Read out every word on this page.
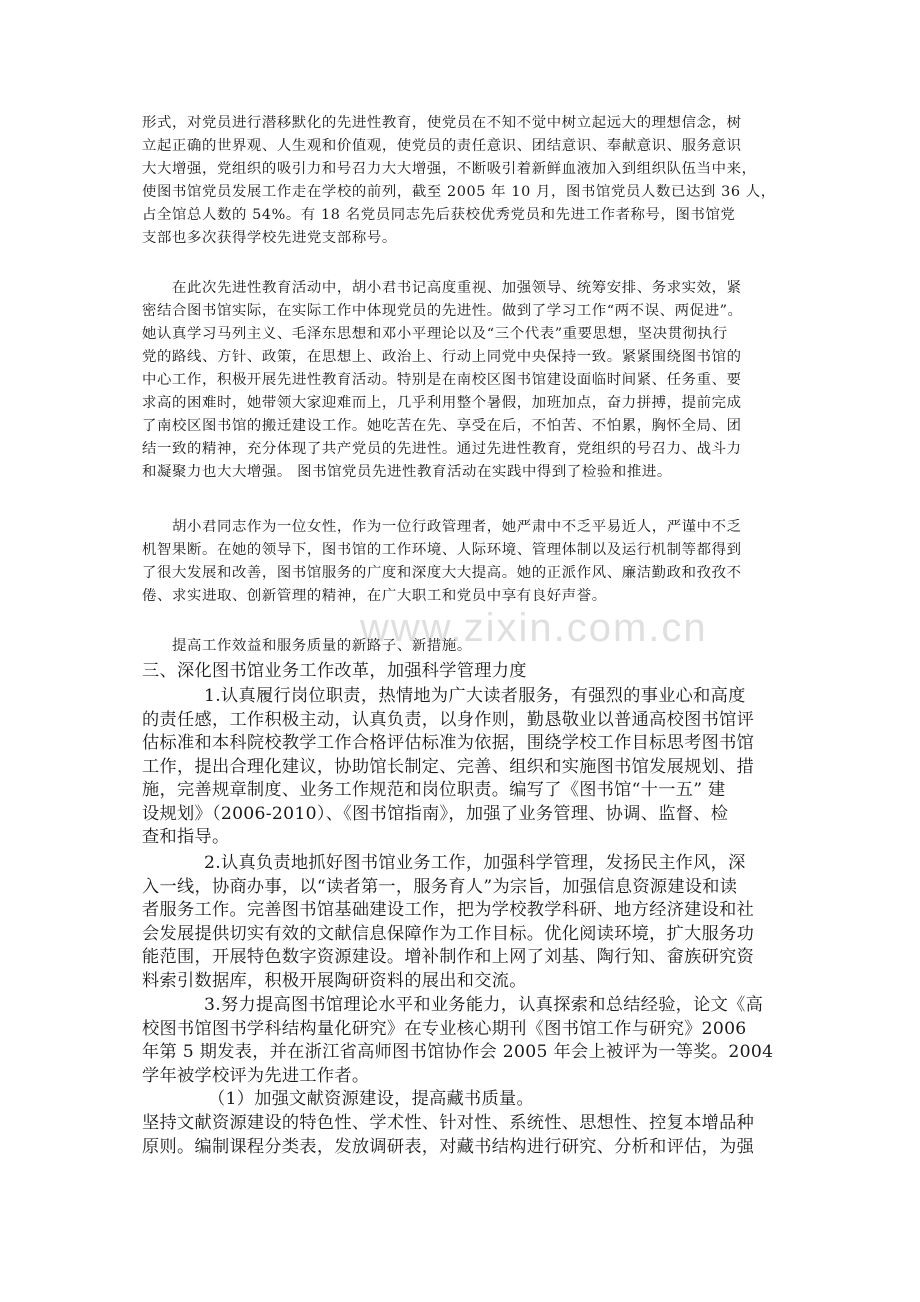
www.zixin.com.cn
形式，对党员进行潜移默化的先进性教育，使党员在不知不觉中树立起远大的理想信念，树
立起正确的世界观、人生观和价值观，使党员的责任意识、团结意识、奉献意识、服务意识
大大增强，党组织的吸引力和号召力大大增强，不断吸引着新鲜血液加入到组织队伍当中来，
使图书馆党员发展工作走在学校的前列，截至 2005 年 10 月，图书馆党员人数已达到 36 人，
占全馆总人数的 54%。有 18 名党员同志先后获校优秀党员和先进工作者称号，图书馆党
支部也多次获得学校先进党支部称号。
在此次先进性教育活动中，胡小君书记高度重视、加强领导、统筹安排、务求实效，紧
密结合图书馆实际，在实际工作中体现党员的先进性。做到了学习工作“两不误、两促进”。
她认真学习马列主义、毛泽东思想和邓小平理论以及“三个代表”重要思想，坚决贯彻执行
党的路线、方针、政策，在思想上、政治上、行动上同党中央保持一致。紧紧围绕图书馆的
中心工作，积极开展先进性教育活动。特别是在南校区图书馆建设面临时间紧、任务重、要
求高的困难时，她带领大家迎难而上，几乎利用整个暑假，加班加点，奋力拼搏，提前完成
了南校区图书馆的搬迁建设工作。她吃苦在先、享受在后，不怕苦、不怕累，胸怀全局、团
结一致的精神，充分体现了共产党员的先进性。通过先进性教育，党组织的号召力、战斗力
和凝聚力也大大增强。 图书馆党员先进性教育活动在实践中得到了检验和推进。
胡小君同志作为一位女性，作为一位行政管理者，她严肃中不乏平易近人，严谨中不乏
机智果断。在她的领导下，图书馆的工作环境、人际环境、管理体制以及运行机制等都得到
了很大发展和改善，图书馆服务的广度和深度大大提高。她的正派作风、廉洁勤政和孜孜不
倦、求实进取、创新管理的精神，在广大职工和党员中享有良好声誉。
提高工作效益和服务质量的新路子、新措施。
三、深化图书馆业务工作改革，加强科学管理力度
1.认真履行岗位职责，热情地为广大读者服务，有强烈的事业心和高度
的责任感，工作积极主动，认真负责，以身作则，勤恳敬业以普通高校图书馆评
估标准和本科院校教学工作合格评估标准为依据，围绕学校工作目标思考图书馆
工作，提出合理化建议，协助馆长制定、完善、组织和实施图书馆发展规划、措
施，完善规章制度、业务工作规范和岗位职责。编写了《图书馆“十一五” 建
设规划》（2006-2010）、《图书馆指南》，加强了业务管理、协调、监督、检
查和指导。
2.认真负责地抓好图书馆业务工作，加强科学管理，发扬民主作风，深
入一线，协商办事，以“读者第一，服务育人”为宗旨，加强信息资源建设和读
者服务工作。完善图书馆基础建设工作，把为学校教学科研、地方经济建设和社
会发展提供切实有效的文献信息保障作为工作目标。优化阅读环境，扩大服务功
能范围，开展特色数字资源建设。增补制作和上网了刘基、陶行知、畲族研究资
料索引数据库，积极开展陶研资料的展出和交流。
3.努力提高图书馆理论水平和业务能力，认真探索和总结经验，论文《高
校图书馆图书学科结构量化研究》在专业核心期刊《图书馆工作与研究》2006
年第 5 期发表，并在浙江省高师图书馆协作会 2005 年会上被评为一等奖。2004
学年被学校评为先进工作者。
（1）加强文献资源建设，提高藏书质量。
坚持文献资源建设的特色性、学术性、针对性、系统性、思想性、控复本增品种
原则。编制课程分类表，发放调研表，对藏书结构进行研究、分析和评估，为强
